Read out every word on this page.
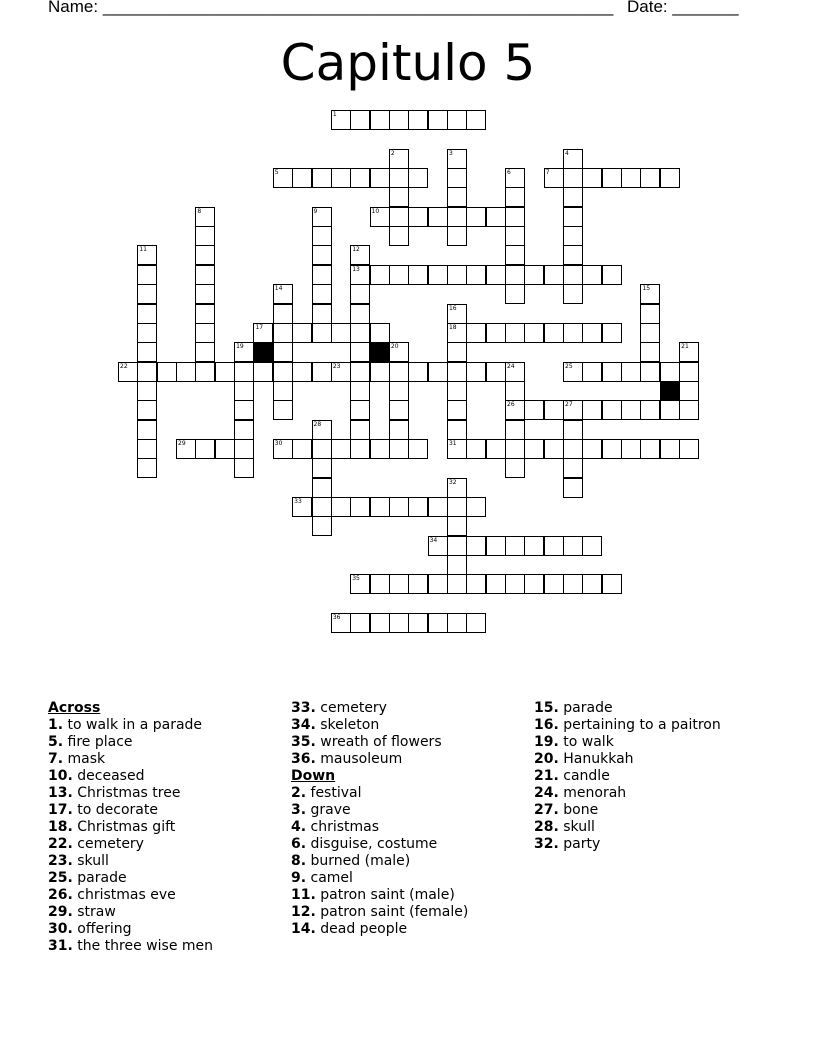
Name: ______________________________________________________ Date: _______
Capitulo 5
1
5	7
10
13
17	18
22	23	25
26	27
29	30	31
33
34
35
36
2	3	4
6
8	9
11	12
14	15
16
19	20	21
24
28
32
Across
1. to walk in a parade
5. fire place
7. mask
10. deceased
13. Christmas tree
17. to decorate
18. Christmas gift
22. cemetery
23. skull
25. parade
26. christmas eve
29. straw
30. offering
31. the three wise men
33. cemetery
34. skeleton
35. wreath of flowers
36. mausoleum
Down
2. festival
3. grave
4. christmas
6. disguise, costume
8. burned (male)
9. camel
11. patron saint (male)
12. patron saint (female)
14. dead people
15. parade
16. pertaining to a paitron
19. to walk
20. Hanukkah
21. candle
24. menorah
27. bone
28. skull
32. party
